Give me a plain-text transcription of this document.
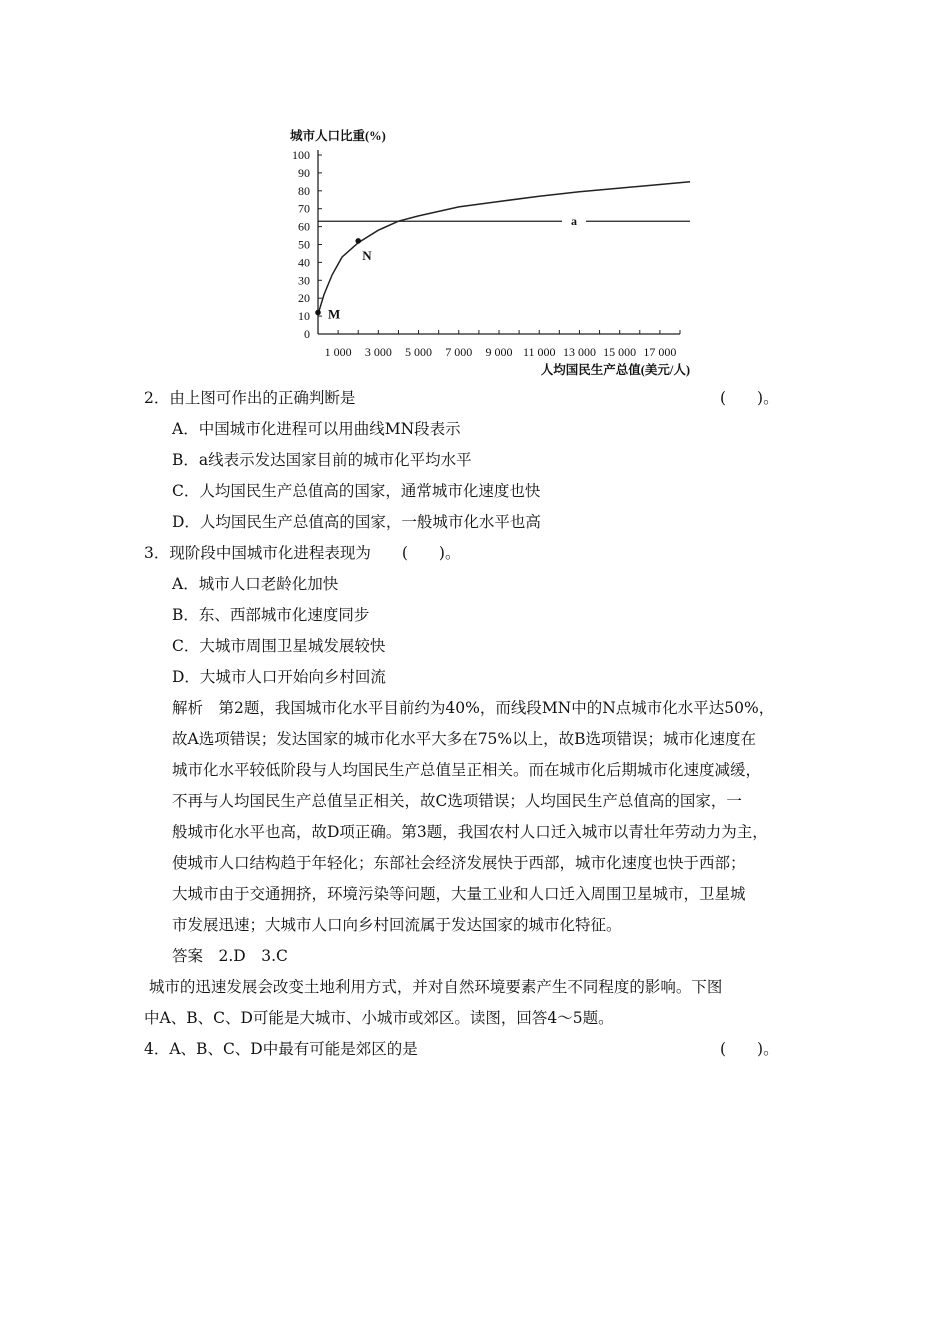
100
90
80
70
60
50
40
30
20
10
0
1 000 3 000 5 000 7 000 9 000 11 000 13 000 15 000 17 000
城市人口比重(%)
人均国民生产总值(美元/人)
a
M
N
2．由上图可作出的正确判断是	(　　)。
A．中国城市化进程可以用曲线MN段表示
B．a线表示发达国家目前的城市化平均水平
C．人均国民生产总值高的国家，通常城市化速度也快
D．人均国民生产总值高的国家，一般城市化水平也高
3．现阶段中国城市化进程表现为　　(　　)。
A．城市人口老龄化加快
B．东、西部城市化速度同步
C．大城市周围卫星城发展较快
D．大城市人口开始向乡村回流
解析　第2题，我国城市化水平目前约为40%，而线段MN中的N点城市化水平达50%，
故A选项错误；发达国家的城市化水平大多在75%以上，故B选项错误；城市化速度在
城市化水平较低阶段与人均国民生产总值呈正相关。而在城市化后期城市化速度减缓，
不再与人均国民生产总值呈正相关，故C选项错误；人均国民生产总值高的国家，一
般城市化水平也高，故D项正确。第3题，我国农村人口迁入城市以青壮年劳动力为主，
使城市人口结构趋于年轻化；东部社会经济发展快于西部，城市化速度也快于西部；
大城市由于交通拥挤，环境污染等问题，大量工业和人口迁入周围卫星城市，卫星城
市发展迅速；大城市人口向乡村回流属于发达国家的城市化特征。
答案　2.D　3.C
城市的迅速发展会改变土地利用方式，并对自然环境要素产生不同程度的影响。下图
中A、B、C、D可能是大城市、小城市或郊区。读图，回答4～5题。
4．A、B、C、D中最有可能是郊区的是	(　　)。
